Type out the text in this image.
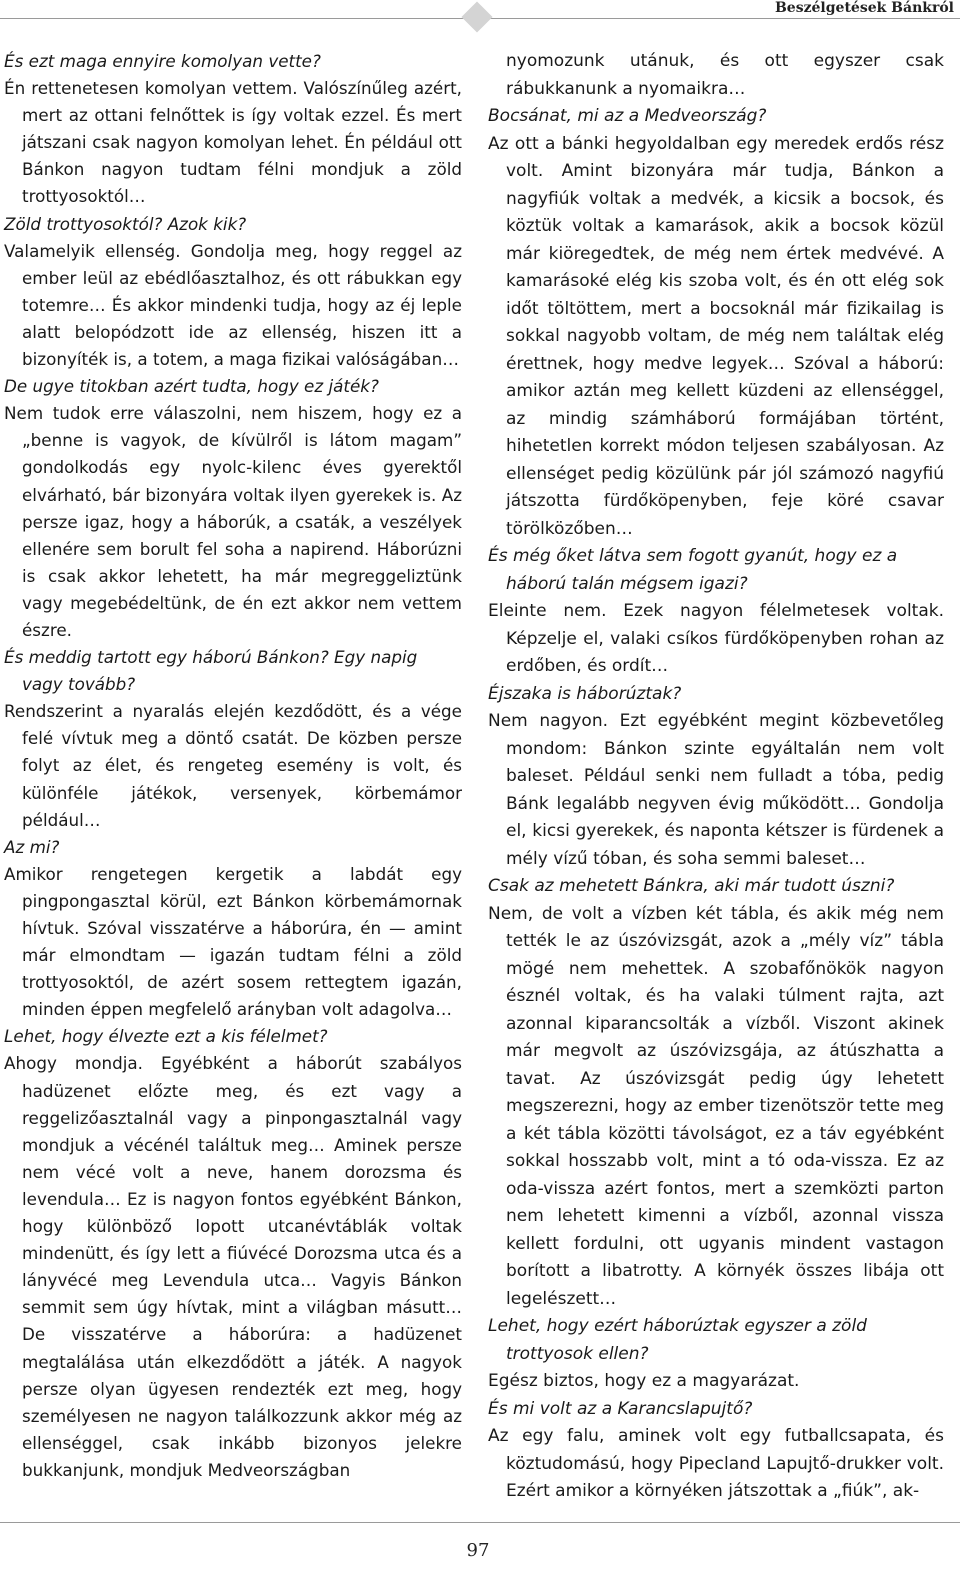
Beszélgetések Bánkról

És ezt maga ennyire komolyan vette?

Én rettenetesen komolyan vettem. Valószínűleg azért, mert az ottani felnőttek is így voltak ezzel. És mert játszani csak nagyon komolyan lehet. Én például ott Bánkon nagyon tudtam félni mondjuk a zöld trottyosoktól…

Zöld trottyosoktól? Azok kik?

Valamelyik ellenség. Gondolja meg, hogy reggel az ember leül az ebédlőasztalhoz, és ott rábukkan egy totemre… És akkor mindenki tudja, hogy az éj leple alatt belopódzott ide az ellenség, hiszen itt a bizonyíték is, a totem, a maga fizikai valóságában…

De ugye titokban azért tudta, hogy ez játék?

Nem tudok erre válaszolni, nem hiszem, hogy ez a „benne is vagyok, de kívülről is látom magam” gondolkodás egy nyolc-kilenc éves gyerektől elvárható, bár bizonyára voltak ilyen gyerekek is. Az persze igaz, hogy a háborúk, a csaták, a veszélyek ellenére sem borult fel soha a napirend. Háborúzni is csak akkor lehetett, ha már megreggeliztünk vagy megebédeltünk, de én ezt akkor nem vettem észre.

És meddig tartott egy háború Bánkon? Egy napig vagy tovább?

Rendszerint a nyaralás elején kezdődött, és a vége felé vívtuk meg a döntő csatát. De közben persze folyt az élet, és rengeteg esemény is volt, és különféle játékok, versenyek, körbemámor például…

Az mi?

Amikor rengetegen kergetik a labdát egy pingpongasztal körül, ezt Bánkon körbemámornak hívtuk. Szóval visszatérve a háborúra, én — amint már elmondtam — igazán tudtam félni a zöld trottyosoktól, de azért sosem rettegtem igazán, minden éppen megfelelő arányban volt adagolva…

Lehet, hogy élvezte ezt a kis félelmet?

Ahogy mondja. Egyébként a háborút szabályos hadüzenet előzte meg, és ezt vagy a reggelizőasztalnál vagy a pinpongasztalnál vagy mondjuk a vécénél találtuk meg… Aminek persze nem vécé volt a neve, hanem dorozsma és levendula… Ez is nagyon fontos egyébként Bánkon, hogy különböző lopott utcanévtáblák voltak mindenütt, és így lett a fiúvécé Dorozsma utca és a lányvécé meg Levendula utca… Vagyis Bánkon semmit sem úgy hívtak, mint a világban másutt… De visszatérve a háborúra: a hadüzenet megtalálása után elkezdődött a játék. A nagyok persze olyan ügyesen rendezték ezt meg, hogy személyesen ne nagyon találkozzunk akkor még az ellenséggel, csak inkább bizonyos jelekre bukkanjunk, mondjuk Medveországban

nyomozunk utánuk, és ott egyszer csak rábukkanunk a nyomaikra…

Bocsánat, mi az a Medveország?

Az ott a bánki hegyoldalban egy meredek erdős rész volt. Amint bizonyára már tudja, Bánkon a nagyfiúk voltak a medvék, a kicsik a bocsok, és köztük voltak a kamarások, akik a bocsok közül már kiöregedtek, de még nem értek medvévé. A kamarásoké elég kis szoba volt, és én ott elég sok időt töltöttem, mert a bocsoknál már fizikailag is sokkal nagyobb voltam, de még nem találtak elég érettnek, hogy medve legyek… Szóval a háború: amikor aztán meg kellett küzdeni az ellenséggel, az mindig számháború formájában történt, hihetetlen korrekt módon teljesen szabályosan. Az ellenséget pedig közülünk pár jól számozó nagyfiú játszotta fürdőköpenyben, feje köré csavar törölközőben…

És még őket látva sem fogott gyanút, hogy ez a háború talán mégsem igazi?

Eleinte nem. Ezek nagyon félelmetesek voltak. Képzelje el, valaki csíkos fürdőköpenyben rohan az erdőben, és ordít…

Éjszaka is háborúztak?

Nem nagyon. Ezt egyébként megint közbevetőleg mondom: Bánkon szinte egyáltalán nem volt baleset. Például senki nem fulladt a tóba, pedig Bánk legalább negyven évig működött… Gondolja el, kicsi gyerekek, és naponta kétszer is fürdenek a mély vízű tóban, és soha semmi baleset…

Csak az mehetett Bánkra, aki már tudott úszni?

Nem, de volt a vízben két tábla, és akik még nem tették le az úszóvizsgát, azok a „mély víz” tábla mögé nem mehettek. A szobafőnökök nagyon észnél voltak, és ha valaki túlment rajta, azt azonnal kiparancsolták a vízből. Viszont akinek már megvolt az úszóvizsgája, az átúszhatta a tavat. Az úszóvizsgát pedig úgy lehetett megszerezni, hogy az ember tizenötször tette meg a két tábla közötti távolságot, ez a táv egyébként sokkal hosszabb volt, mint a tó oda-vissza. Ez az oda-vissza azért fontos, mert a szemközti parton nem lehetett kimenni a vízből, azonnal vissza kellett fordulni, ott ugyanis mindent vastagon borított a libatrotty. A környék összes libája ott legelészett…

Lehet, hogy ezért háborúztak egyszer a zöld trottyosok ellen?

Egész biztos, hogy ez a magyarázat.

És mi volt az a Karancslapujtő?

Az egy falu, aminek volt egy futballcsapata, és köztudomású, hogy Pipecland Lapujtő-drukker volt. Ezért amikor a környéken játszottak a „fiúk”, ak-

97
